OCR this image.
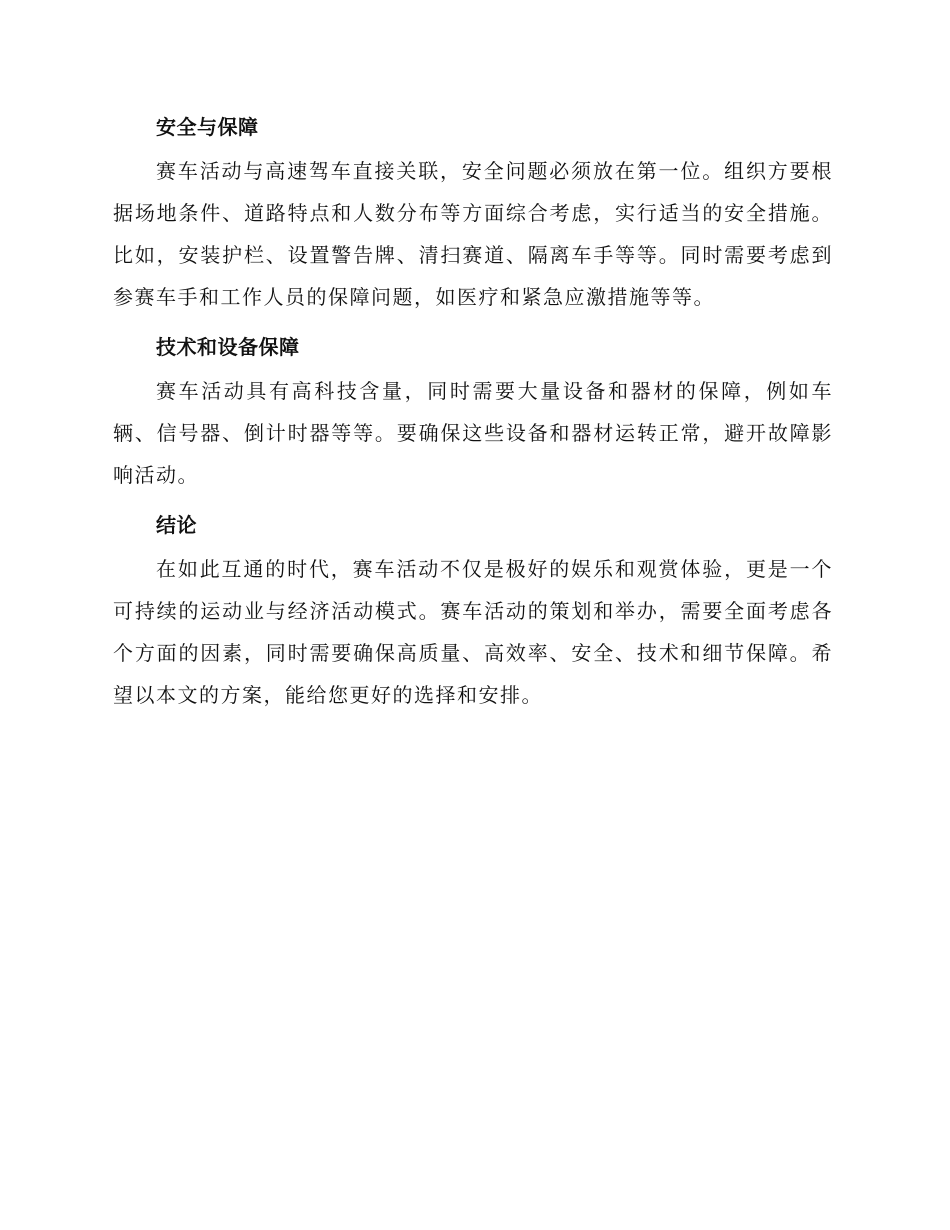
安全与保障

赛车活动与高速驾车直接关联，安全问题必须放在第一位。组织方要根据场地条件、道路特点和人数分布等方面综合考虑，实行适当的安全措施。比如，安装护栏、设置警告牌、清扫赛道、隔离车手等等。同时需要考虑到参赛车手和工作人员的保障问题，如医疗和紧急应激措施等等。

技术和设备保障

赛车活动具有高科技含量，同时需要大量设备和器材的保障，例如车辆、信号器、倒计时器等等。要确保这些设备和器材运转正常，避开故障影响活动。

结论

在如此互通的时代，赛车活动不仅是极好的娱乐和观赏体验，更是一个可持续的运动业与经济活动模式。赛车活动的策划和举办，需要全面考虑各个方面的因素，同时需要确保高质量、高效率、安全、技术和细节保障。希望以本文的方案，能给您更好的选择和安排。
